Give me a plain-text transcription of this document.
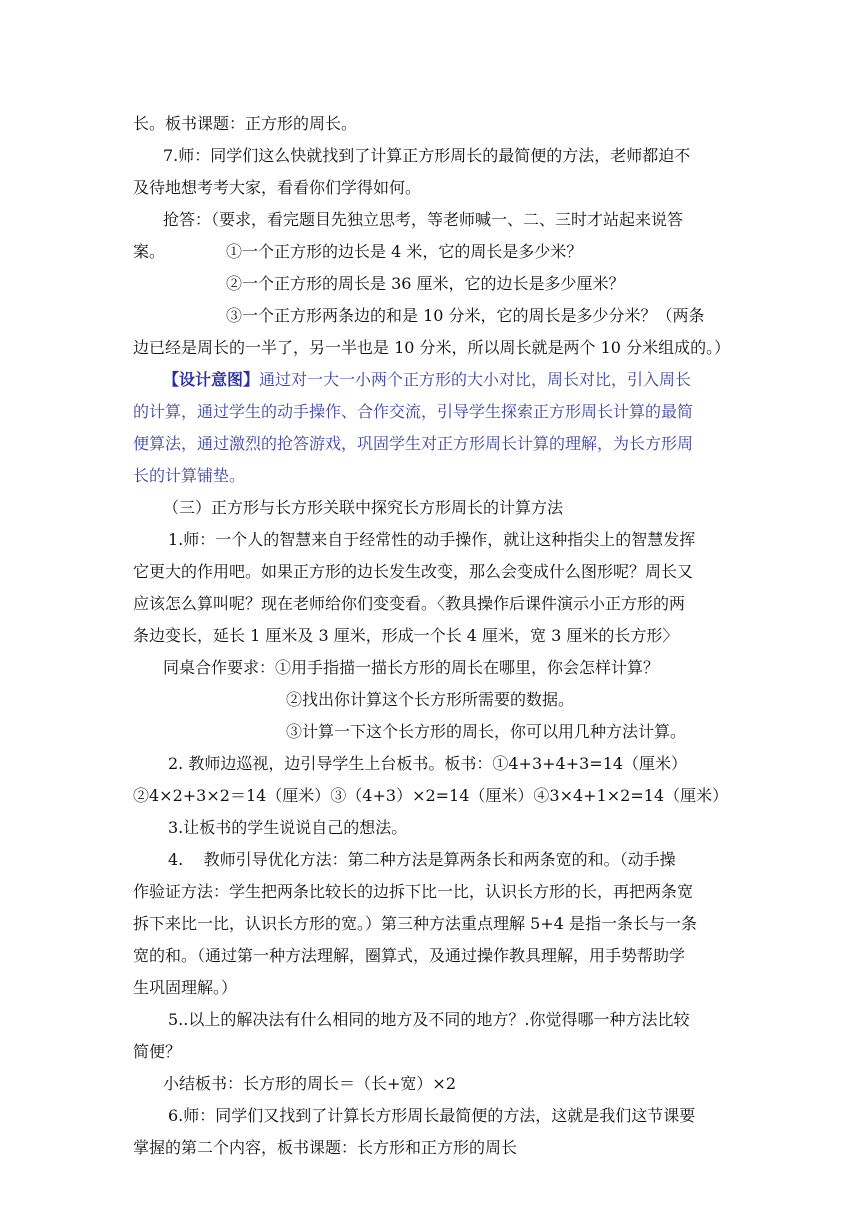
长。板书课题：正方形的周长。
7.师：同学们这么快就找到了计算正方形周长的最简便的方法，老师都迫不
及待地想考考大家，看看你们学得如何。
抢答：（要求，看完题目先独立思考，等老师喊一、二、三时才站起来说答
案。	①一个正方形的边长是 4 米，它的周长是多少米？
②一个正方形的周长是 36 厘米，它的边长是多少厘米？
③一个正方形两条边的和是 10 分米，它的周长是多少分米？（两条
边已经是周长的一半了，另一半也是 10 分米，所以周长就是两个 10 分米组成的。）
【设计意图】通过对一大一小两个正方形的大小对比，周长对比，引入周长
的计算，通过学生的动手操作、合作交流，引导学生探索正方形周长计算的最简
便算法，通过激烈的抢答游戏，巩固学生对正方形周长计算的理解，为长方形周
长的计算铺垫。
（三）正方形与长方形关联中探究长方形周长的计算方法
1.师：一个人的智慧来自于经常性的动手操作，就让这种指尖上的智慧发挥
它更大的作用吧。如果正方形的边长发生改变，那么会变成什么图形呢？周长又
应该怎么算叫呢？现在老师给你们变变看。〈教具操作后课件演示小正方形的两
条边变长，延长 1 厘米及 3 厘米，形成一个长 4 厘米，宽 3 厘米的长方形〉
同桌合作要求：①用手指描一描长方形的周长在哪里，你会怎样计算？
②找出你计算这个长方形所需要的数据。
③计算一下这个长方形的周长，你可以用几种方法计算。
2. 教师边巡视，边引导学生上台板书。板书：①4+3+4+3=14（厘米）
②4×2+3×2＝14（厘米）③（4+3）×2=14（厘米）④3×4+1×2=14（厘米）
3.让板书的学生说说自己的想法。
4.    教师引导优化方法：第二种方法是算两条长和两条宽的和。（动手操
作验证方法：学生把两条比较长的边拆下比一比，认识长方形的长，再把两条宽
拆下来比一比，认识长方形的宽。）第三种方法重点理解 5+4 是指一条长与一条
宽的和。（通过第一种方法理解，圈算式，及通过操作教具理解，用手势帮助学
生巩固理解。）
5..以上的解决法有什么相同的地方及不同的地方？.你觉得哪一种方法比较
简便？
小结板书：长方形的周长＝（长+宽）×2
6.师：同学们又找到了计算长方形周长最简便的方法，这就是我们这节课要
掌握的第二个内容，板书课题：长方形和正方形的周长
